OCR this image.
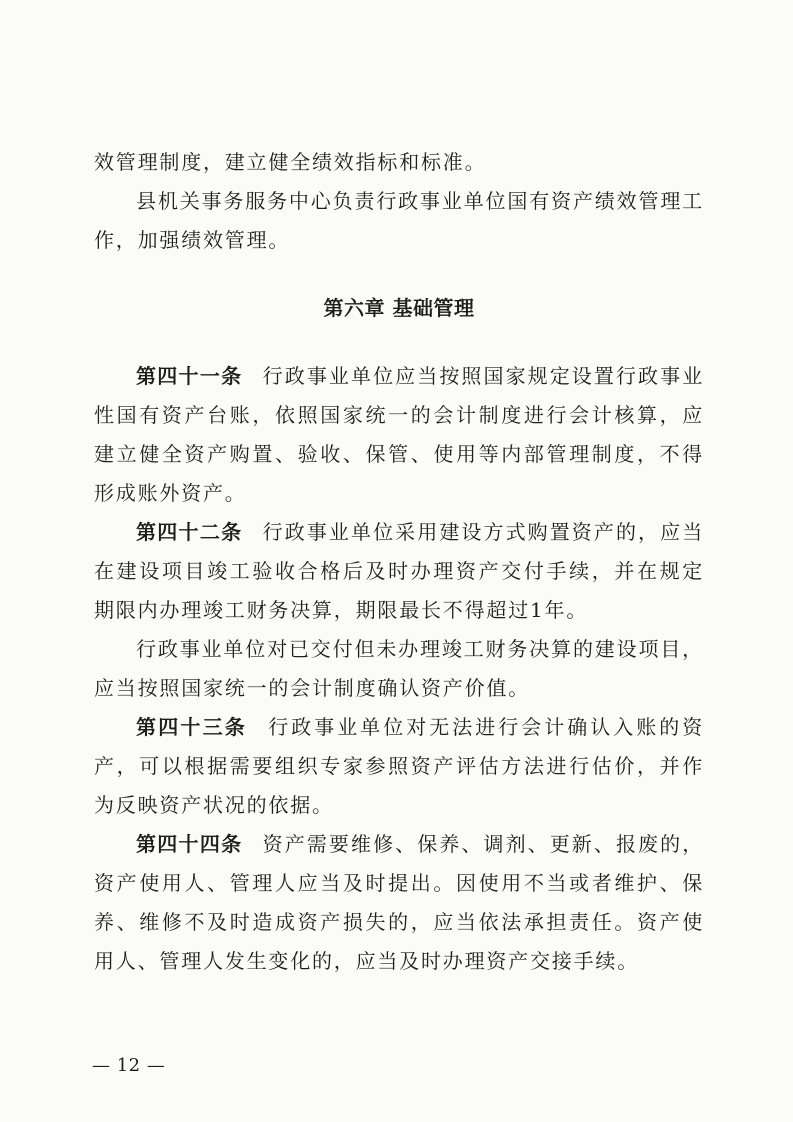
效管理制度，建立健全绩效指标和标准。

县机关事务服务中心负责行政事业单位国有资产绩效管理工作，加强绩效管理。

第六章 基础管理

第四十一条 行政事业单位应当按照国家规定设置行政事业性国有资产台账，依照国家统一的会计制度进行会计核算，应建立健全资产购置、验收、保管、使用等内部管理制度，不得形成账外资产。

第四十二条 行政事业单位采用建设方式购置资产的，应当在建设项目竣工验收合格后及时办理资产交付手续，并在规定期限内办理竣工财务决算，期限最长不得超过1年。

行政事业单位对已交付但未办理竣工财务决算的建设项目，应当按照国家统一的会计制度确认资产价值。

第四十三条 行政事业单位对无法进行会计确认入账的资产，可以根据需要组织专家参照资产评估方法进行估价，并作为反映资产状况的依据。

第四十四条 资产需要维修、保养、调剂、更新、报废的，资产使用人、管理人应当及时提出。因使用不当或者维护、保养、维修不及时造成资产损失的，应当依法承担责任。资产使用人、管理人发生变化的，应当及时办理资产交接手续。

— 12 —
